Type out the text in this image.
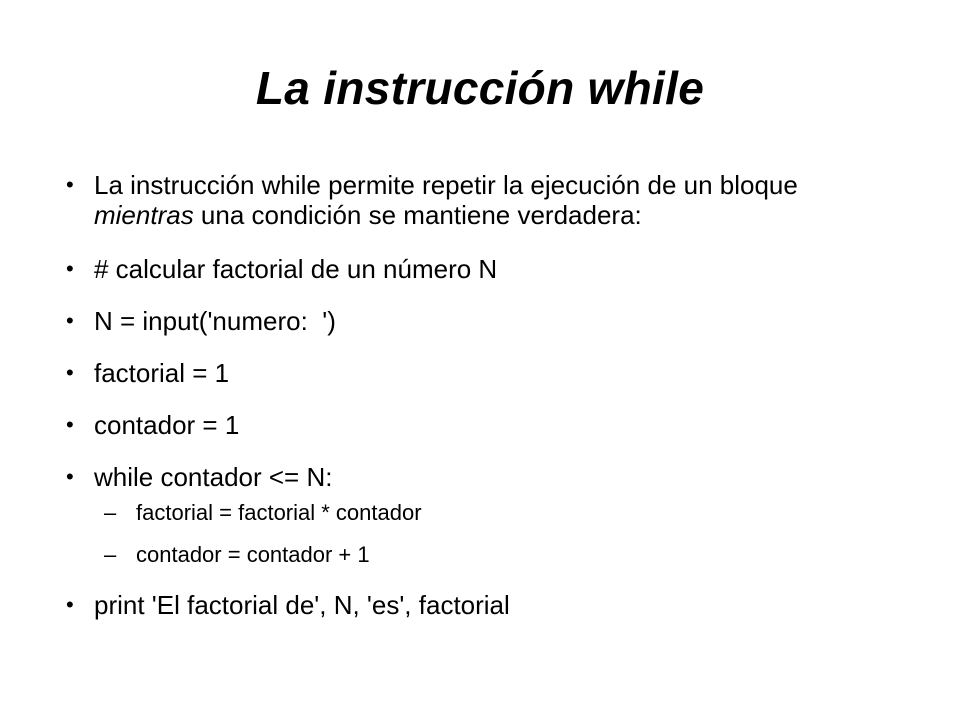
La instrucción while
• La instrucción while permite repetir la ejecución de un bloque mientras una condición se mantiene verdadera:
• # calcular factorial de un número N
• N = input('numero:  ')
• factorial = 1
• contador = 1
• while contador <= N:
– factorial = factorial * contador
– contador = contador + 1
• print 'El factorial de', N, 'es', factorial
